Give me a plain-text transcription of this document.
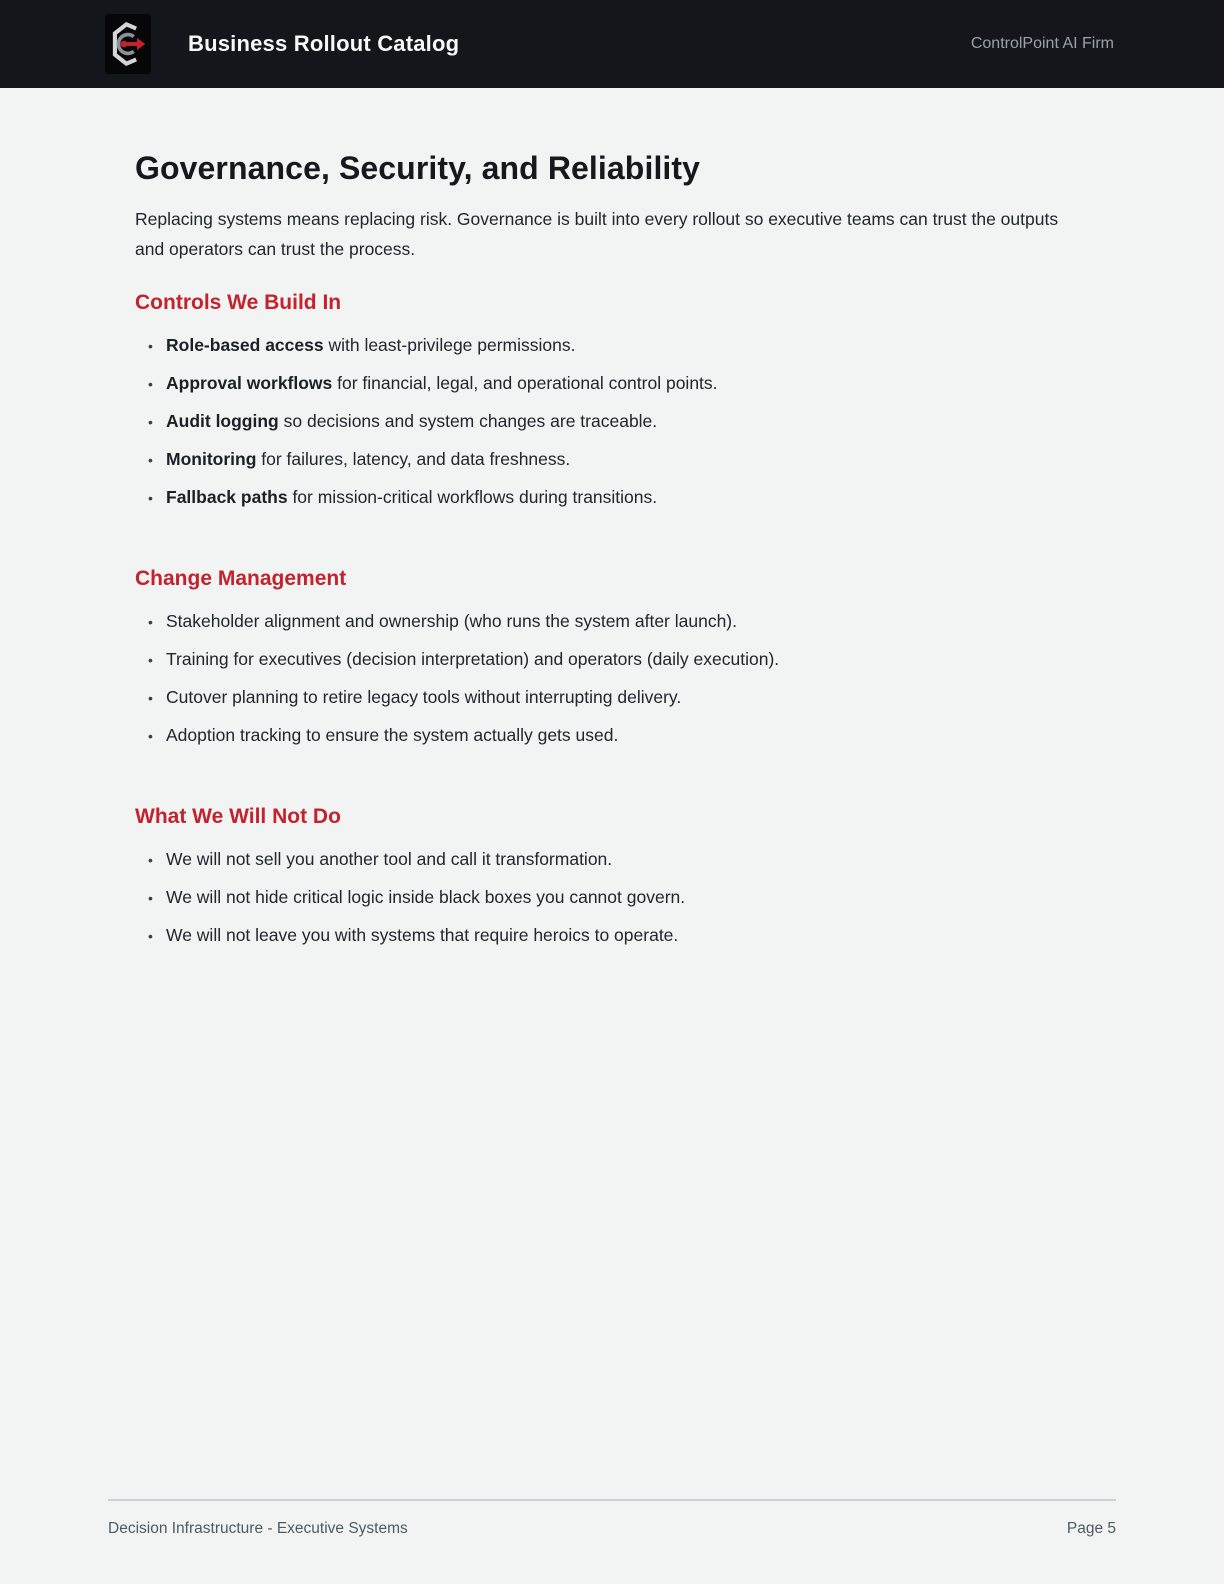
Business Rollout Catalog	ControlPoint AI Firm
Governance, Security, and Reliability

Replacing systems means replacing risk. Governance is built into every rollout so executive teams can trust the outputs and operators can trust the process.

Controls We Build In
• Role-based access with least-privilege permissions.
• Approval workflows for financial, legal, and operational control points.
• Audit logging so decisions and system changes are traceable.
• Monitoring for failures, latency, and data freshness.
• Fallback paths for mission-critical workflows during transitions.
Change Management
• Stakeholder alignment and ownership (who runs the system after launch).
• Training for executives (decision interpretation) and operators (daily execution).
• Cutover planning to retire legacy tools without interrupting delivery.
• Adoption tracking to ensure the system actually gets used.
What We Will Not Do
• We will not sell you another tool and call it transformation.
• We will not hide critical logic inside black boxes you cannot govern.
• We will not leave you with systems that require heroics to operate.
Decision Infrastructure - Executive Systems	Page 5
